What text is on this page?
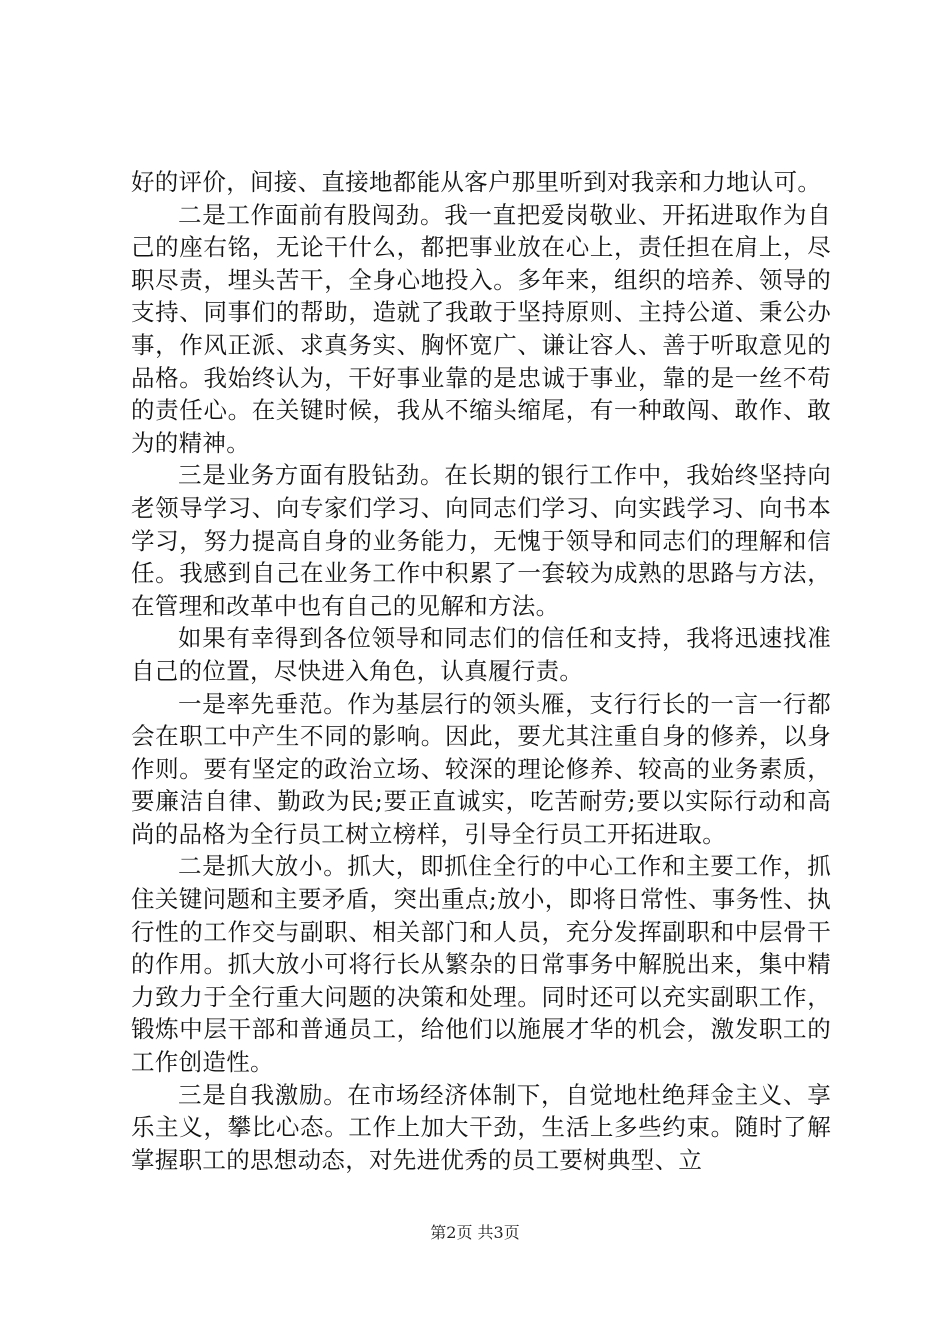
好的评价，间接、直接地都能从客户那里听到对我亲和力地认可。

二是工作面前有股闯劲。我一直把爱岗敬业、开拓进取作为自己的座右铭，无论干什么，都把事业放在心上，责任担在肩上，尽职尽责，埋头苦干，全身心地投入。多年来，组织的培养、领导的支持、同事们的帮助，造就了我敢于坚持原则、主持公道、秉公办事，作风正派、求真务实、胸怀宽广、谦让容人、善于听取意见的品格。我始终认为，干好事业靠的是忠诚于事业，靠的是一丝不苟的责任心。在关键时候，我从不缩头缩尾，有一种敢闯、敢作、敢为的精神。

三是业务方面有股钻劲。在长期的银行工作中，我始终坚持向老领导学习、向专家们学习、向同志们学习、向实践学习、向书本学习，努力提高自身的业务能力，无愧于领导和同志们的理解和信任。我感到自己在业务工作中积累了一套较为成熟的思路与方法，在管理和改革中也有自己的见解和方法。

如果有幸得到各位领导和同志们的信任和支持，我将迅速找准自己的位置，尽快进入角色，认真履行责。

一是率先垂范。作为基层行的领头雁，支行行长的一言一行都会在职工中产生不同的影响。因此，要尤其注重自身的修养，以身作则。要有坚定的政治立场、较深的理论修养、较高的业务素质，要廉洁自律、勤政为民;要正直诚实，吃苦耐劳;要以实际行动和高尚的品格为全行员工树立榜样，引导全行员工开拓进取。

二是抓大放小。抓大，即抓住全行的中心工作和主要工作，抓住关键问题和主要矛盾，突出重点;放小，即将日常性、事务性、执行性的工作交与副职、相关部门和人员，充分发挥副职和中层骨干的作用。抓大放小可将行长从繁杂的日常事务中解脱出来，集中精力致力于全行重大问题的决策和处理。同时还可以充实副职工作，锻炼中层干部和普通员工，给他们以施展才华的机会，激发职工的工作创造性。

三是自我激励。在市场经济体制下，自觉地杜绝拜金主义、享乐主义，攀比心态。工作上加大干劲，生活上多些约束。随时了解掌握职工的思想动态，对先进优秀的员工要树典型、立

第2页 共3页
